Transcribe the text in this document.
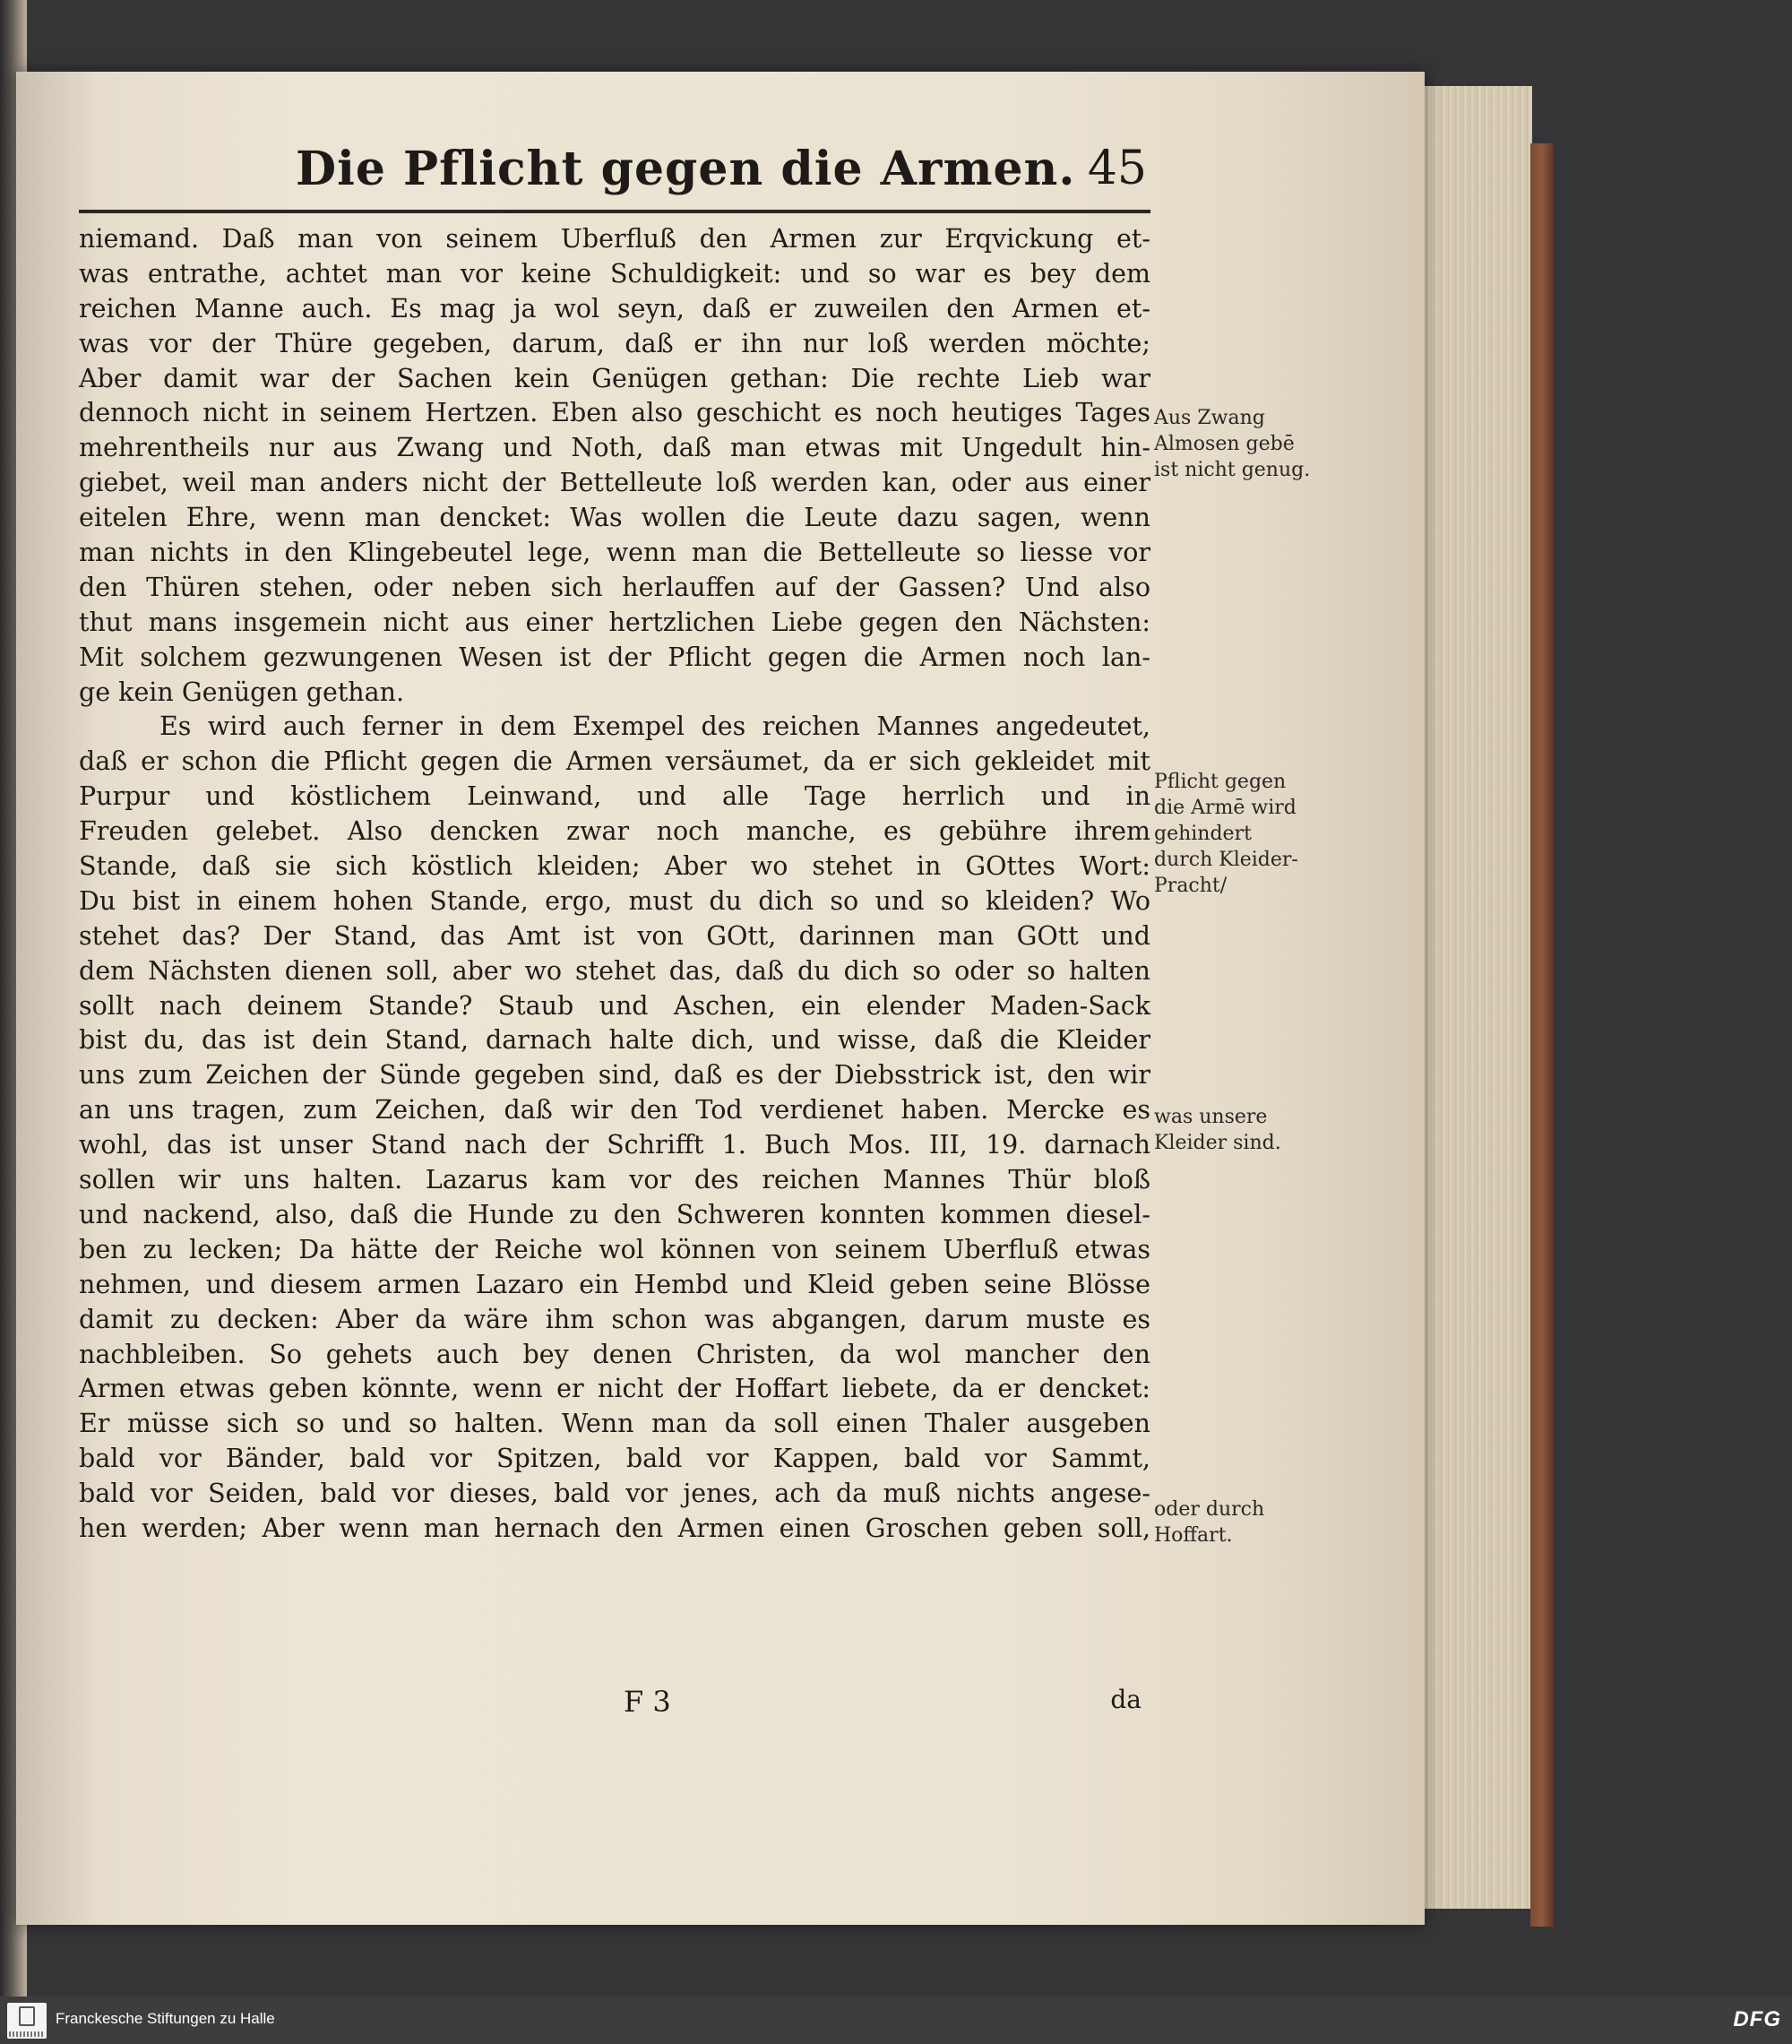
Die Pflicht gegen die Armen. 45
niemand. Daß man von seinem Uberfluß den Armen zur Erqvickung et-
was entrathe, achtet man vor keine Schuldigkeit: und so war es bey dem
reichen Manne auch. Es mag ja wol seyn, daß er zuweilen den Armen et-
was vor der Thüre gegeben, darum, daß er ihn nur loß werden möchte;
Aber damit war der Sachen kein Genügen gethan: Die rechte Lieb war
dennoch nicht in seinem Hertzen. Eben also geschicht es noch heutiges Tages
mehrentheils nur aus Zwang und Noth, daß man etwas mit Ungedult hin-
giebet, weil man anders nicht der Bettelleute loß werden kan, oder aus einer
eitelen Ehre, wenn man dencket: Was wollen die Leute dazu sagen, wenn
man nichts in den Klingebeutel lege, wenn man die Bettelleute so liesse vor
den Thüren stehen, oder neben sich herlauffen auf der Gassen? Und also
thut mans insgemein nicht aus einer hertzlichen Liebe gegen den Nächsten:
Mit solchem gezwungenen Wesen ist der Pflicht gegen die Armen noch lan-
ge kein Genügen gethan.
Es wird auch ferner in dem Exempel des reichen Mannes angedeutet,
daß er schon die Pflicht gegen die Armen versäumet, da er sich gekleidet mit
Purpur und köstlichem Leinwand, und alle Tage herrlich und in
Freuden gelebet. Also dencken zwar noch manche, es gebühre ihrem
Stande, daß sie sich köstlich kleiden; Aber wo stehet in GOttes Wort:
Du bist in einem hohen Stande, ergo, must du dich so und so kleiden? Wo
stehet das? Der Stand, das Amt ist von GOtt, darinnen man GOtt und
dem Nächsten dienen soll, aber wo stehet das, daß du dich so oder so halten
sollt nach deinem Stande? Staub und Aschen, ein elender Maden-Sack
bist du, das ist dein Stand, darnach halte dich, und wisse, daß die Kleider
uns zum Zeichen der Sünde gegeben sind, daß es der Diebsstrick ist, den wir
an uns tragen, zum Zeichen, daß wir den Tod verdienet haben. Mercke es
wohl, das ist unser Stand nach der Schrifft 1. Buch Mos. III, 19. darnach
sollen wir uns halten. Lazarus kam vor des reichen Mannes Thür bloß
und nackend, also, daß die Hunde zu den Schweren konnten kommen diesel-
ben zu lecken; Da hätte der Reiche wol können von seinem Uberfluß etwas
nehmen, und diesem armen Lazaro ein Hembd und Kleid geben seine Blösse
damit zu decken: Aber da wäre ihm schon was abgangen, darum muste es
nachbleiben. So gehets auch bey denen Christen, da wol mancher den
Armen etwas geben könnte, wenn er nicht der Hoffart liebete, da er dencket:
Er müsse sich so und so halten. Wenn man da soll einen Thaler ausgeben
bald vor Bänder, bald vor Spitzen, bald vor Kappen, bald vor Sammt,
bald vor Seiden, bald vor dieses, bald vor jenes, ach da muß nichts angese-
hen werden; Aber wenn man hernach den Armen einen Groschen geben soll,
Aus Zwang
Almosen gebē
ist nicht genug.
Pflicht gegen
die Armē wird
gehindert
durch Kleider-
Pracht/
was unsere
Kleider sind.
oder durch
Hoffart.
F 3	da
Franckesche Stiftungen zu Halle	DFG
